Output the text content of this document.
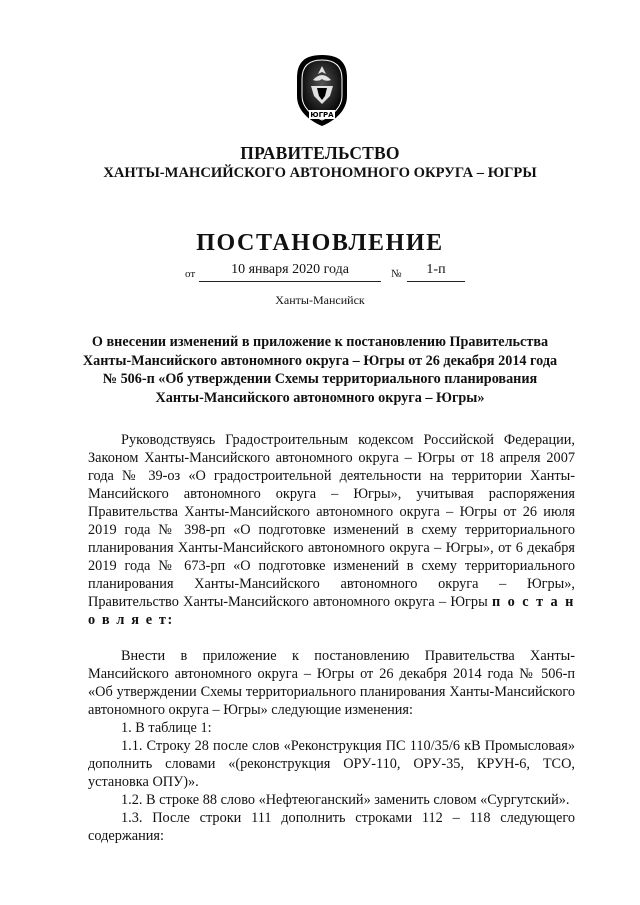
ЮГРА
ПРАВИТЕЛЬСТВО
ХАНТЫ-МАНСИЙСКОГО АВТОНОМНОГО ОКРУГА – ЮГРЫ
ПОСТАНОВЛЕНИЕ
от	10 января 2020 года	№	1-п
Ханты-Мансийск
О внесении изменений в приложение к постановлению Правительства Ханты-Мансийского автономного округа – Югры от 26 декабря 2014 года № 506-п «Об утверждении Схемы территориального планирования Ханты-Мансийского автономного округа – Югры»

Руководствуясь Градостроительным кодексом Российской Федерации, Законом Ханты-Мансийского автономного округа – Югры от 18 апреля 2007 года № 39-оз «О градостроительной деятельности на территории Ханты-Мансийского автономного округа – Югры», учитывая распоряжения Правительства Ханты-Мансийского автономного округа – Югры от 26 июля 2019 года № 398-рп «О подготовке изменений в схему территориального планирования Ханты-Мансийского автономного округа – Югры», от 6 декабря 2019 года № 673-рп «О подготовке изменений в схему территориального планирования Ханты-Мансийского автономного округа – Югры», Правительство Ханты-Мансийского автономного округа – Югры п о с т а н о в л я е т:

Внести в приложение к постановлению Правительства Ханты-Мансийского автономного округа – Югры от 26 декабря 2014 года № 506-п «Об утверждении Схемы территориального планирования Ханты-Мансийского автономного округа – Югры» следующие изменения:

1. В таблице 1:

1.1. Строку 28 после слов «Реконструкция ПС 110/35/6 кВ Промысловая» дополнить словами «(реконструкция ОРУ-110, ОРУ-35, КРУН-6, ТСО, установка ОПУ)».

1.2. В строке 88 слово «Нефтеюганский» заменить словом «Сургутский».

1.3. После строки 111 дополнить строками 112 – 118 следующего содержания:
